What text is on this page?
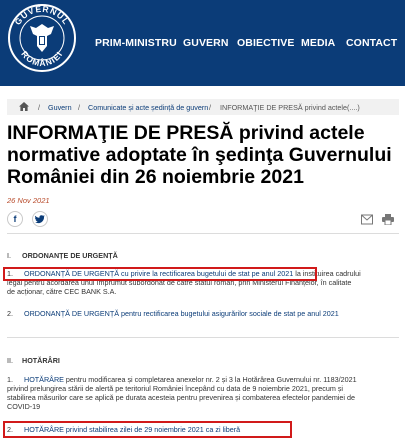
GUVERNUL
ROMÂNIEI
PRIM-MINISTRU GUVERN OBIECTIVE MEDIA CONTACT
/ Guvern / Comunicate și acte ședință de guvern / INFORMAŢIE DE PRESĂ privind actele(....)
INFORMAŢIE DE PRESĂ privind actele normative adoptate în şedinţa Guvernului României din 26 noiembrie 2021
26 Nov 2021
f
I. ORDONANȚE DE URGENȚĂ
1. ORDONANȚĂ DE URGENȚĂ cu privire la rectificarea bugetului de stat pe anul 2021 la instituirea cadrului
legal pentru acordarea unui împrumut subordonat de către statul român, prin Ministerul Finanțelor, în calitate
de acționar, către CEC BANK S.A.
2. ORDONANȚĂ DE URGENȚĂ pentru rectificarea bugetului asigurărilor sociale de stat pe anul 2021
II. HOTĂRÂRI
1. HOTĂRÂRE pentru modificarea și completarea anexelor nr. 2 și 3 la Hotărârea Guvernului nr. 1183/2021
privind prelungirea stării de alertă pe teritoriul României începând cu data de 9 noiembrie 2021, precum și
stabilirea măsurilor care se aplică pe durata acesteia pentru prevenirea și combaterea efectelor pandemiei de
COVID-19
2. HOTĂRÂRE privind stabilirea zilei de 29 noiembrie 2021 ca zi liberă
